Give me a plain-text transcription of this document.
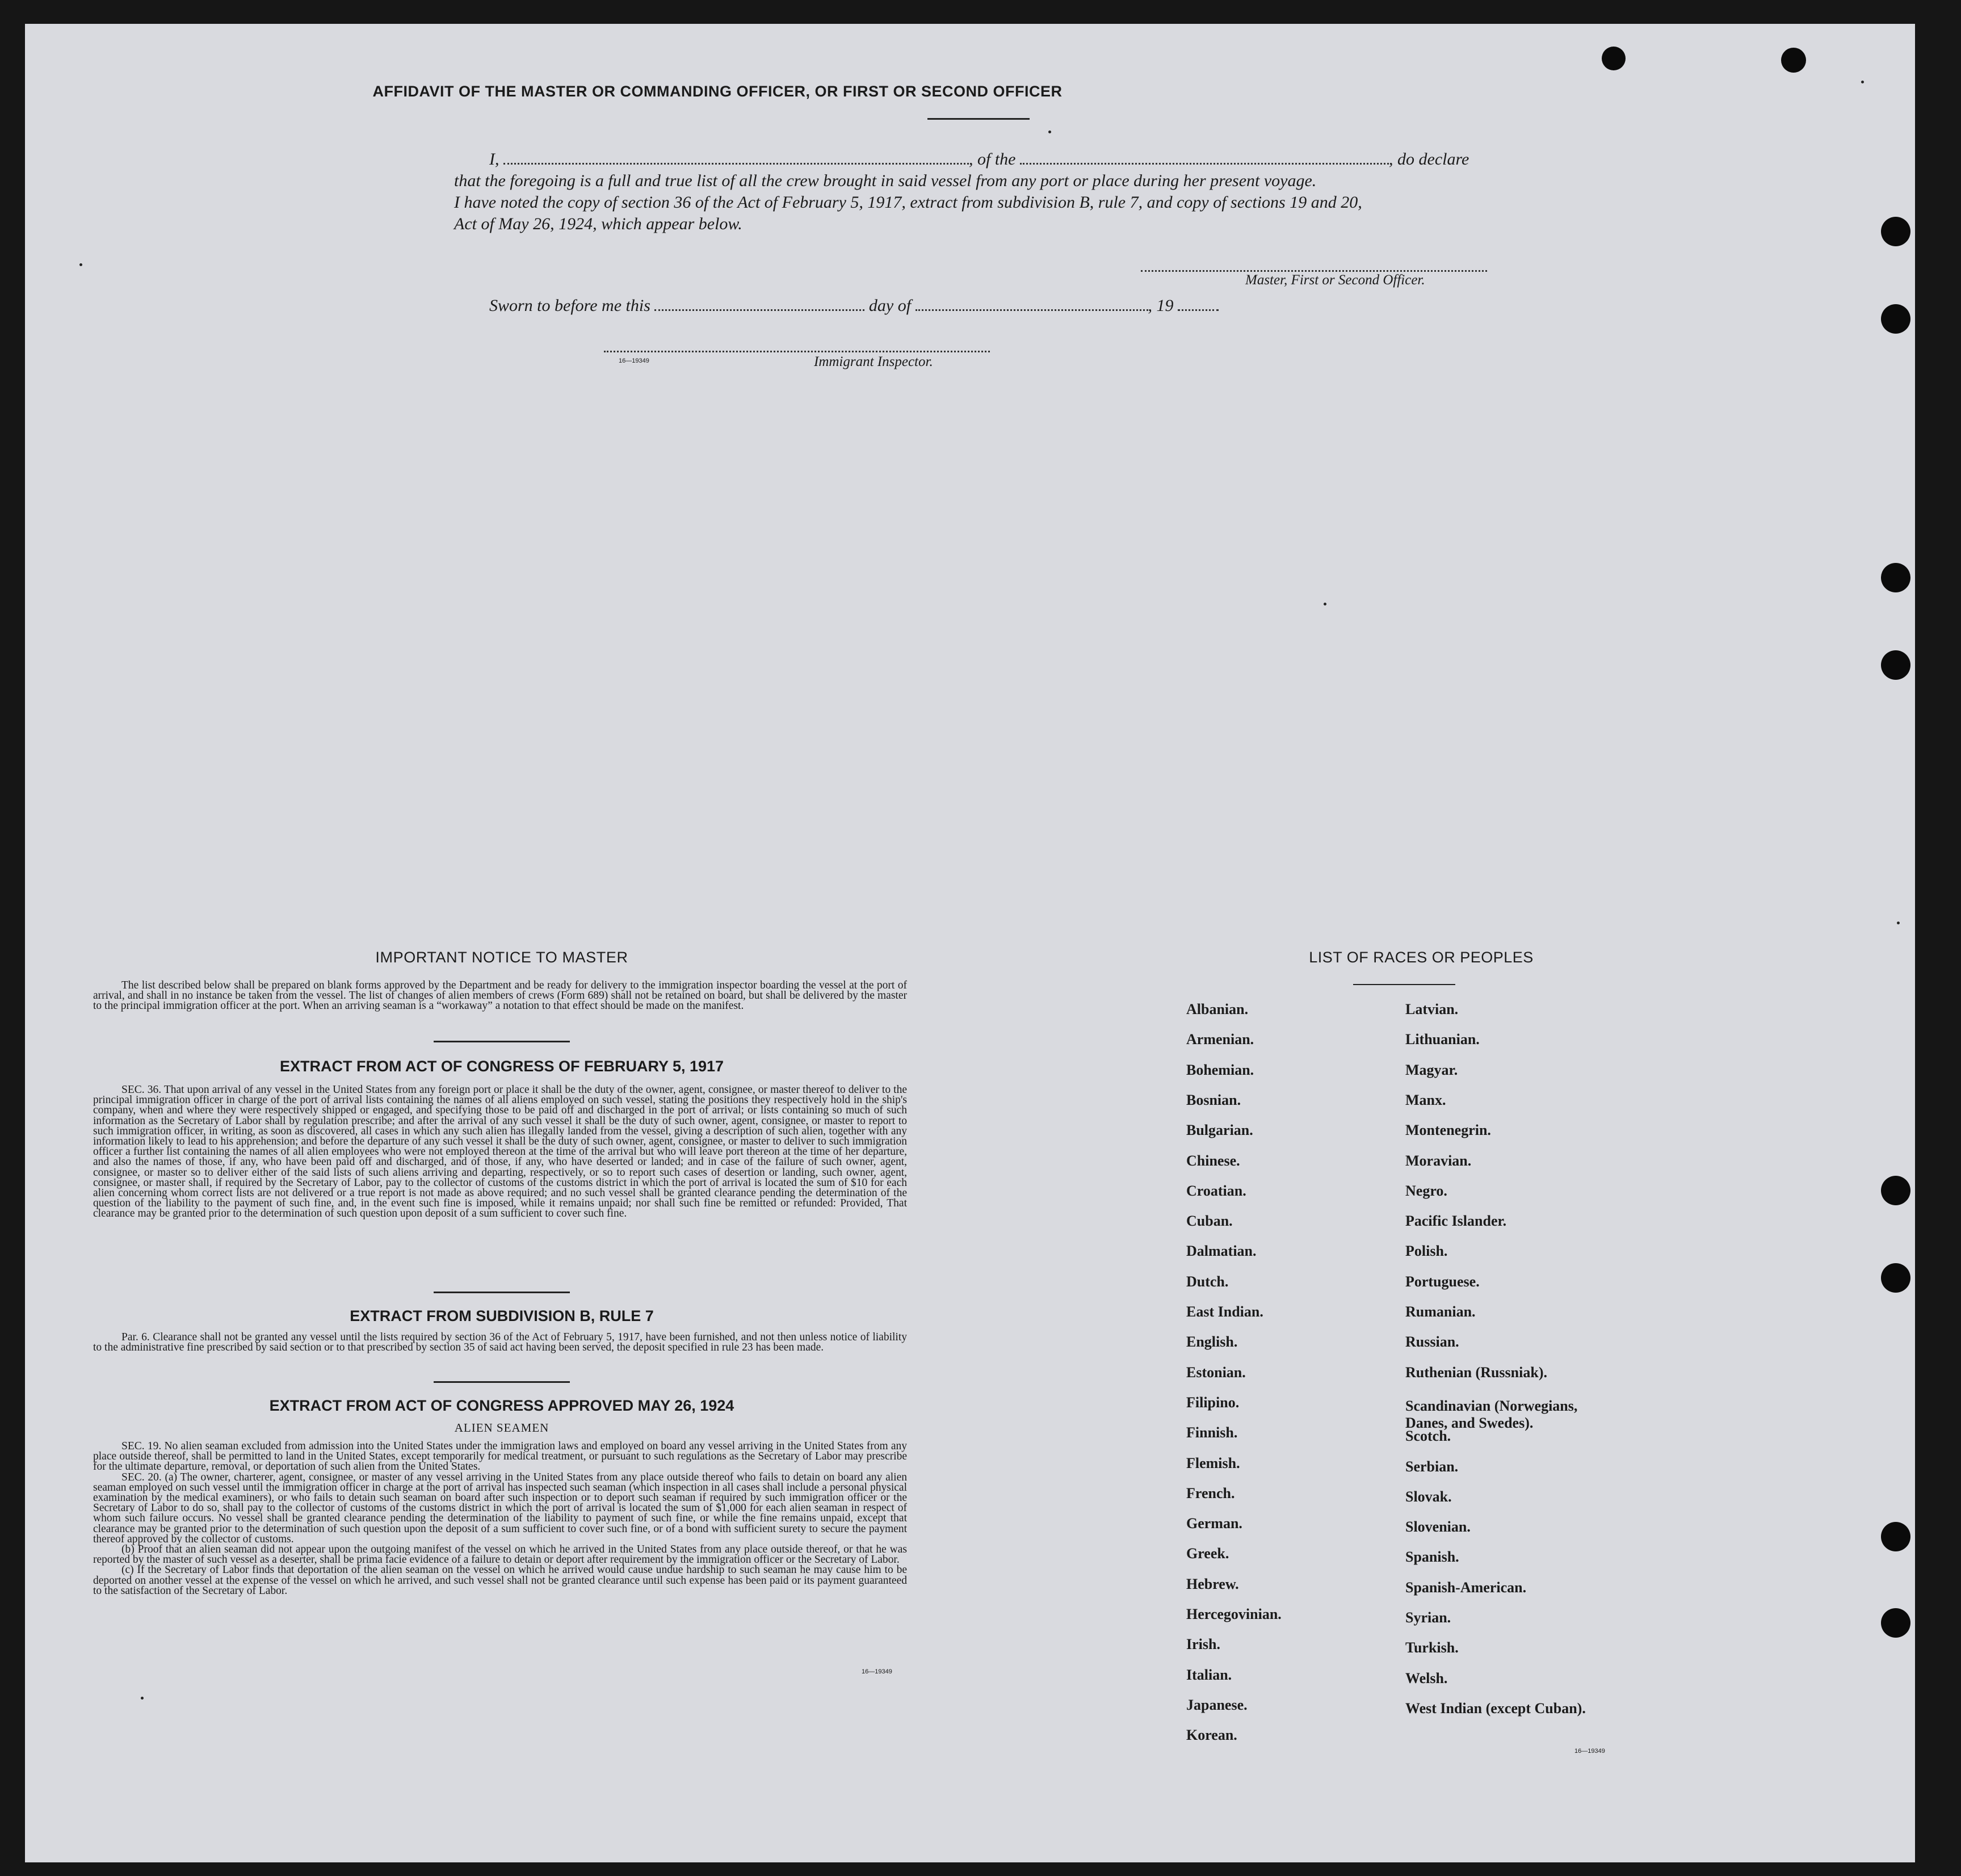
AFFIDAVIT OF THE MASTER OR COMMANDING OFFICER, OR FIRST OR SECOND OFFICER
I,	, of the	, do declare
that the foregoing is a full and true list of all the crew brought in said vessel from any port or place during her present voyage.
I have noted the copy of section 36 of the Act of February 5, 1917, extract from subdivision B, rule 7, and copy of sections 19 and 20,
Act of May 26, 1924, which appear below.
Master, First or Second Officer.
Sworn to before me this	day of	, 19
16—19349	Immigrant Inspector.
IMPORTANT NOTICE TO MASTER

The list described below shall be prepared on blank forms approved by the Department and be ready for delivery to the immigration inspector boarding the vessel at the port of arrival, and shall in no instance be taken from the vessel. The list of changes of alien members of crews (Form 689) shall not be retained on board, but shall be delivered by the master to the principal immigration officer at the port. When an arriving seaman is a “workaway” a notation to that effect should be made on the manifest.

EXTRACT FROM ACT OF CONGRESS OF FEBRUARY 5, 1917

SEC. 36. That upon arrival of any vessel in the United States from any foreign port or place it shall be the duty of the owner, agent, consignee, or master thereof to deliver to the principal immigration officer in charge of the port of arrival lists containing the names of all aliens employed on such vessel, stating the positions they respectively hold in the ship's company, when and where they were respectively shipped or engaged, and specifying those to be paid off and discharged in the port of arrival; or lists containing so much of such information as the Secretary of Labor shall by regulation prescribe; and after the arrival of any such vessel it shall be the duty of such owner, agent, consignee, or master to report to such immigration officer, in writing, as soon as discovered, all cases in which any such alien has illegally landed from the vessel, giving a description of such alien, together with any information likely to lead to his apprehension; and before the departure of any such vessel it shall be the duty of such owner, agent, consignee, or master to deliver to such immigration officer a further list containing the names of all alien employees who were not employed thereon at the time of the arrival but who will leave port thereon at the time of her departure, and also the names of those, if any, who have been paid off and discharged, and of those, if any, who have deserted or landed; and in case of the failure of such owner, agent, consignee, or master so to deliver either of the said lists of such aliens arriving and departing, respectively, or so to report such cases of desertion or landing, such owner, agent, consignee, or master shall, if required by the Secretary of Labor, pay to the collector of customs of the customs district in which the port of arrival is located the sum of $10 for each alien concerning whom correct lists are not delivered or a true report is not made as above required; and no such vessel shall be granted clearance pending the determination of the question of the liability to the payment of such fine, and, in the event such fine is imposed, while it remains unpaid; nor shall such fine be remitted or refunded: Provided, That clearance may be granted prior to the determination of such question upon deposit of a sum sufficient to cover such fine.

EXTRACT FROM SUBDIVISION B, RULE 7

Par. 6. Clearance shall not be granted any vessel until the lists required by section 36 of the Act of February 5, 1917, have been furnished, and not then unless notice of liability to the administrative fine prescribed by said section or to that prescribed by section 35 of said act having been served, the deposit specified in rule 23 has been made.

EXTRACT FROM ACT OF CONGRESS APPROVED MAY 26, 1924
ALIEN SEAMEN

SEC. 19. No alien seaman excluded from admission into the United States under the immigration laws and employed on board any vessel arriving in the United States from any place outside thereof, shall be permitted to land in the United States, except temporarily for medical treatment, or pursuant to such regulations as the Secretary of Labor may prescribe for the ultimate departure, removal, or deportation of such alien from the United States.

SEC. 20. (a) The owner, charterer, agent, consignee, or master of any vessel arriving in the United States from any place outside thereof who fails to detain on board any alien seaman employed on such vessel until the immigration officer in charge at the port of arrival has inspected such seaman (which inspection in all cases shall include a personal physical examination by the medical examiners), or who fails to detain such seaman on board after such inspection or to deport such seaman if required by such immigration officer or the Secretary of Labor to do so, shall pay to the collector of customs of the customs district in which the port of arrival is located the sum of $1,000 for each alien seaman in respect of whom such failure occurs. No vessel shall be granted clearance pending the determination of the liability to payment of such fine, or while the fine remains unpaid, except that clearance may be granted prior to the determination of such question upon the deposit of a sum sufficient to cover such fine, or of a bond with sufficient surety to secure the payment thereof approved by the collector of customs.

(b) Proof that an alien seaman did not appear upon the outgoing manifest of the vessel on which he arrived in the United States from any place outside thereof, or that he was reported by the master of such vessel as a deserter, shall be prima facie evidence of a failure to detain or deport after requirement by the immigration officer or the Secretary of Labor.

(c) If the Secretary of Labor finds that deportation of the alien seaman on the vessel on which he arrived would cause undue hardship to such seaman he may cause him to be deported on another vessel at the expense of the vessel on which he arrived, and such vessel shall not be granted clearance until such expense has been paid or its payment guaranteed to the satisfaction of the Secretary of Labor.

16—19349
LIST OF RACES OR PEOPLES
Albanian.
Armenian.
Bohemian.
Bosnian.
Bulgarian.
Chinese.
Croatian.
Cuban.
Dalmatian.
Dutch.
East Indian.
English.
Estonian.
Filipino.
Finnish.
Flemish.
French.
German.
Greek.
Hebrew.
Hercegovinian.
Irish.
Italian.
Japanese.
Korean.
Latvian.
Lithuanian.
Magyar.
Manx.
Montenegrin.
Moravian.
Negro.
Pacific Islander.
Polish.
Portuguese.
Rumanian.
Russian.
Ruthenian (Russniak).
Scandinavian (Norwegians,
Danes, and Swedes).
Scotch.
Serbian.
Slovak.
Slovenian.
Spanish.
Spanish-American.
Syrian.
Turkish.
Welsh.
West Indian (except Cuban).
16—19349
